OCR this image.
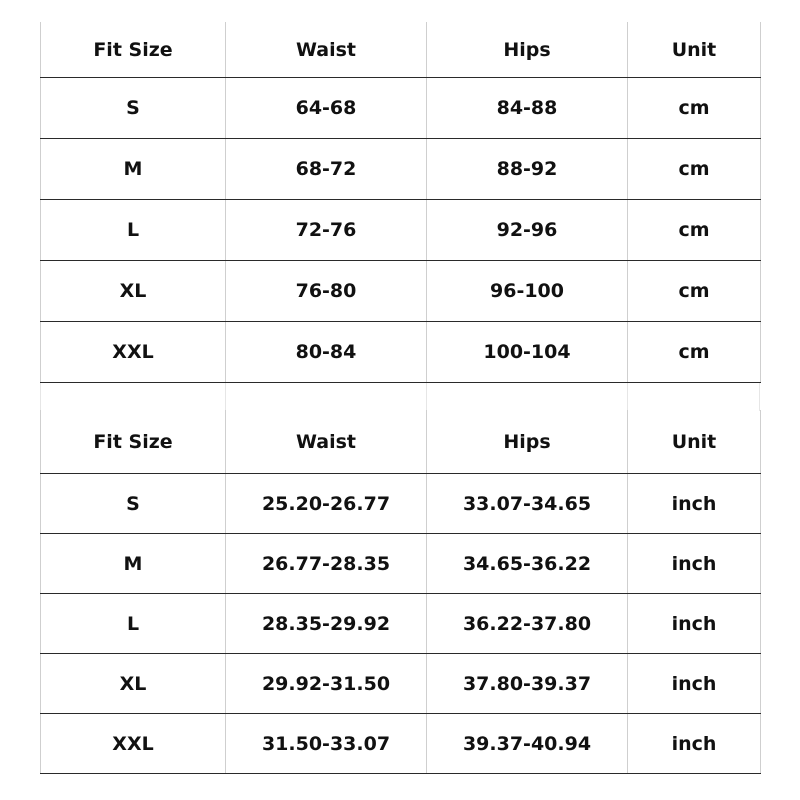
Fit Size	Waist	Hips	Unit
S	64-68	84-88	cm
M	68-72	88-92	cm
L	72-76	92-96	cm
XL	76-80	96-100	cm
XXL	80-84	100-104	cm
Fit Size	Waist	Hips	Unit
S	25.20-26.77	33.07-34.65	inch
M	26.77-28.35	34.65-36.22	inch
L	28.35-29.92	36.22-37.80	inch
XL	29.92-31.50	37.80-39.37	inch
XXL	31.50-33.07	39.37-40.94	inch
